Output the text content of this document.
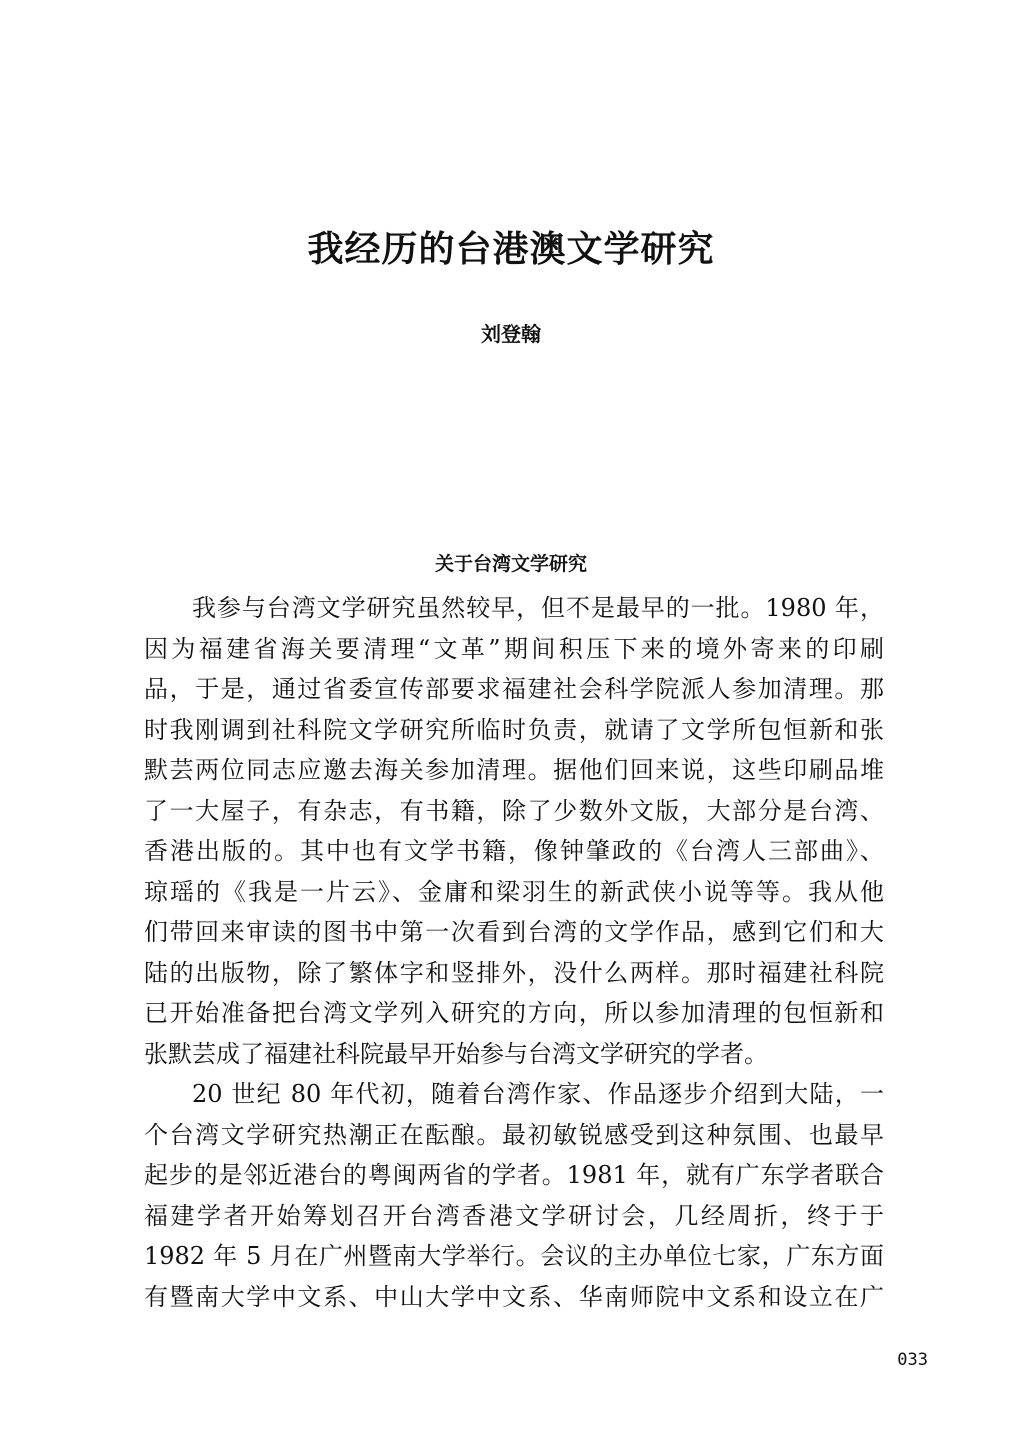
我经历的台港澳文学研究
刘登翰
关于台湾文学研究
我参与台湾文学研究虽然较早，但不是最早的一批。1980 年，
因为福建省海关要清理“文革”期间积压下来的境外寄来的印刷
品，于是，通过省委宣传部要求福建社会科学院派人参加清理。那
时我刚调到社科院文学研究所临时负责，就请了文学所包恒新和张
默芸两位同志应邀去海关参加清理。据他们回来说，这些印刷品堆
了一大屋子，有杂志，有书籍，除了少数外文版，大部分是台湾、
香港出版的。其中也有文学书籍，像钟肇政的《台湾人三部曲》、
琼瑶的《我是一片云》、金庸和梁羽生的新武侠小说等等。我从他
们带回来审读的图书中第一次看到台湾的文学作品，感到它们和大
陆的出版物，除了繁体字和竖排外，没什么两样。那时福建社科院
已开始准备把台湾文学列入研究的方向，所以参加清理的包恒新和
张默芸成了福建社科院最早开始参与台湾文学研究的学者。
20 世纪 80 年代初，随着台湾作家、作品逐步介绍到大陆，一
个台湾文学研究热潮正在酝酿。最初敏锐感受到这种氛围、也最早
起步的是邻近港台的粤闽两省的学者。1981 年，就有广东学者联合
福建学者开始筹划召开台湾香港文学研讨会，几经周折，终于于
1982 年 5 月在广州暨南大学举行。会议的主办单位七家，广东方面
有暨南大学中文系、中山大学中文系、华南师院中文系和设立在广
033
